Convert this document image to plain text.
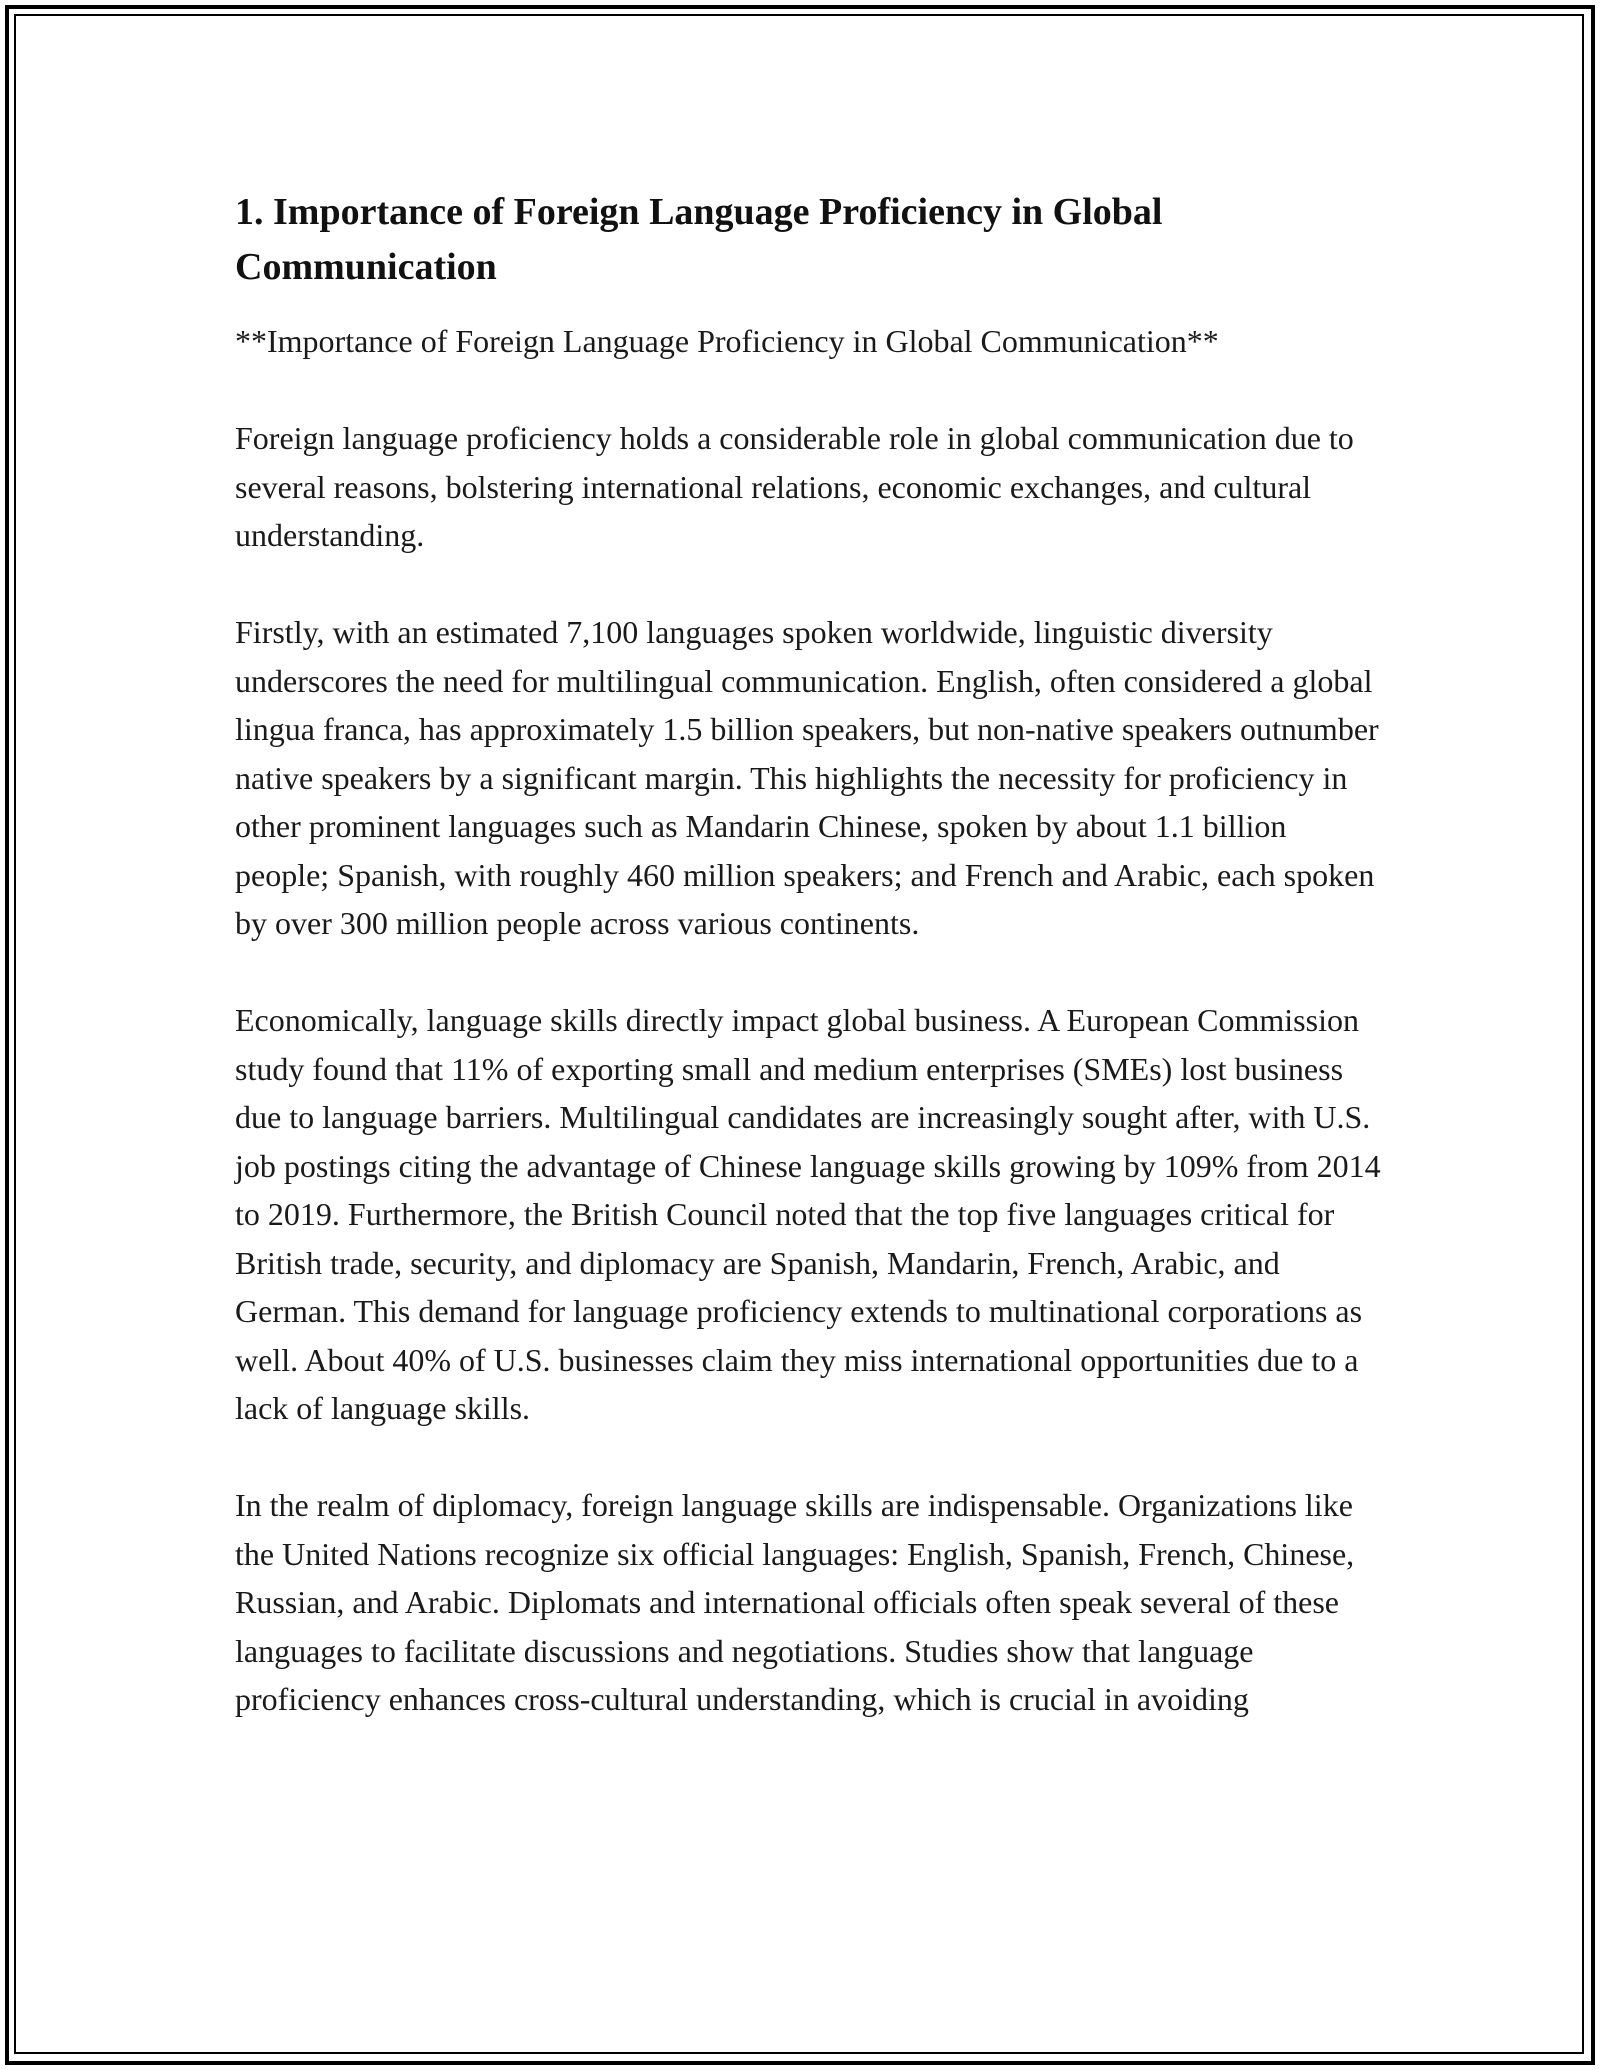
1. Importance of Foreign Language Proficiency in Global Communication

**Importance of Foreign Language Proficiency in Global Communication**

Foreign language proficiency holds a considerable role in global communication due to several reasons, bolstering international relations, economic exchanges, and cultural understanding.

Firstly, with an estimated 7,100 languages spoken worldwide, linguistic diversity underscores the need for multilingual communication. English, often considered a global lingua franca, has approximately 1.5 billion speakers, but non-native speakers outnumber native speakers by a significant margin. This highlights the necessity for proficiency in other prominent languages such as Mandarin Chinese, spoken by about 1.1 billion people; Spanish, with roughly 460 million speakers; and French and Arabic, each spoken by over 300 million people across various continents.

Economically, language skills directly impact global business. A European Commission study found that 11% of exporting small and medium enterprises (SMEs) lost business due to language barriers. Multilingual candidates are increasingly sought after, with U.S. job postings citing the advantage of Chinese language skills growing by 109% from 2014 to 2019. Furthermore, the British Council noted that the top five languages critical for British trade, security, and diplomacy are Spanish, Mandarin, French, Arabic, and German. This demand for language proficiency extends to multinational corporations as well. About 40% of U.S. businesses claim they miss international opportunities due to a lack of language skills.

In the realm of diplomacy, foreign language skills are indispensable. Organizations like the United Nations recognize six official languages: English, Spanish, French, Chinese, Russian, and Arabic. Diplomats and international officials often speak several of these languages to facilitate discussions and negotiations. Studies show that language proficiency enhances cross-cultural understanding, which is crucial in avoiding
